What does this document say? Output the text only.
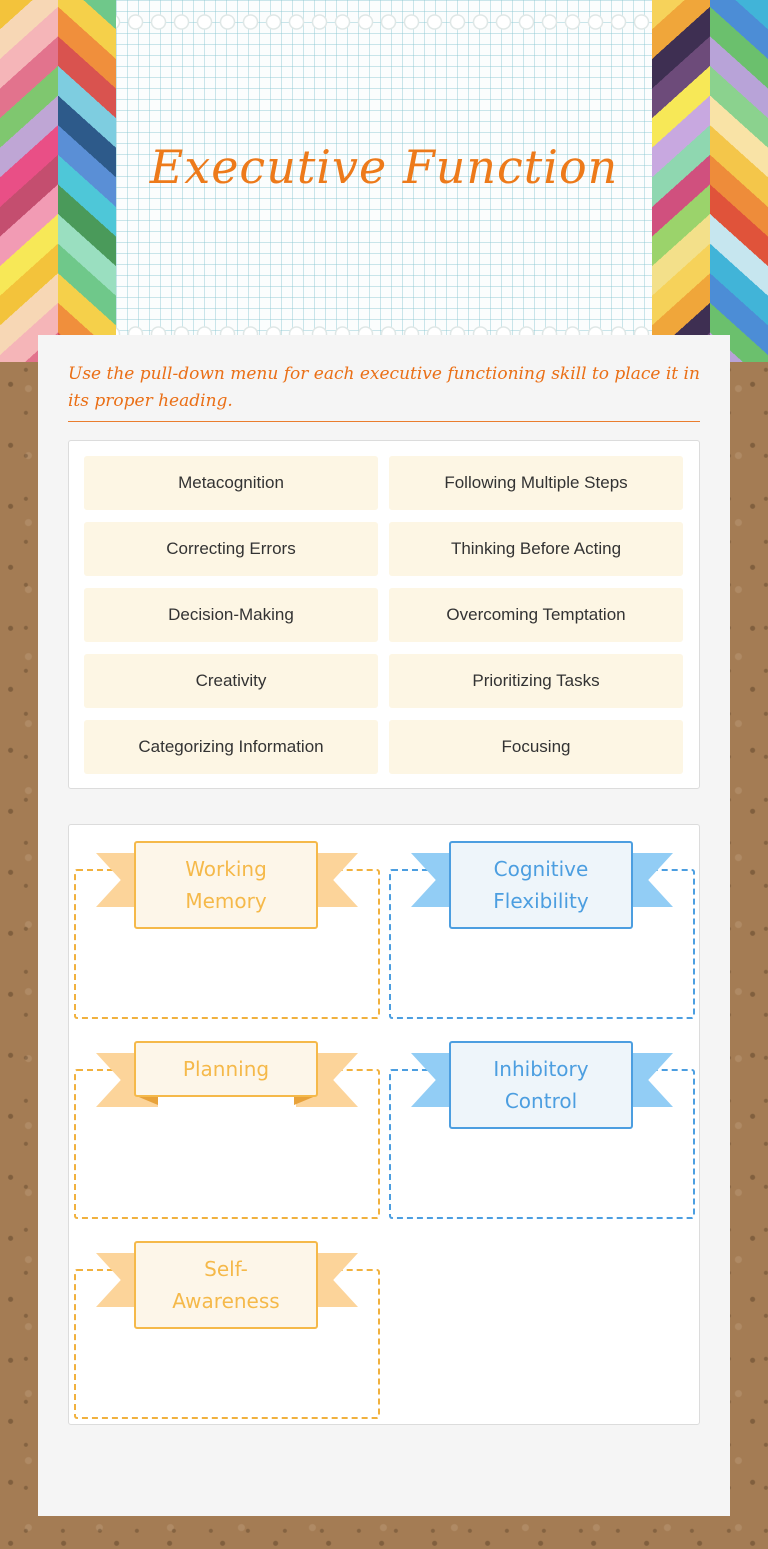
Executive Function
Use the pull-down menu for each executive functioning skill to place it in its proper heading.
Metacognition	Following Multiple Steps
Correcting Errors	Thinking Before Acting
Decision-Making	Overcoming Temptation
Creativity	Prioritizing Tasks
Categorizing Information	Focusing
Working
Memory
Cognitive
Flexibility
Planning	Inhibitory
Control
Self-
Awareness
